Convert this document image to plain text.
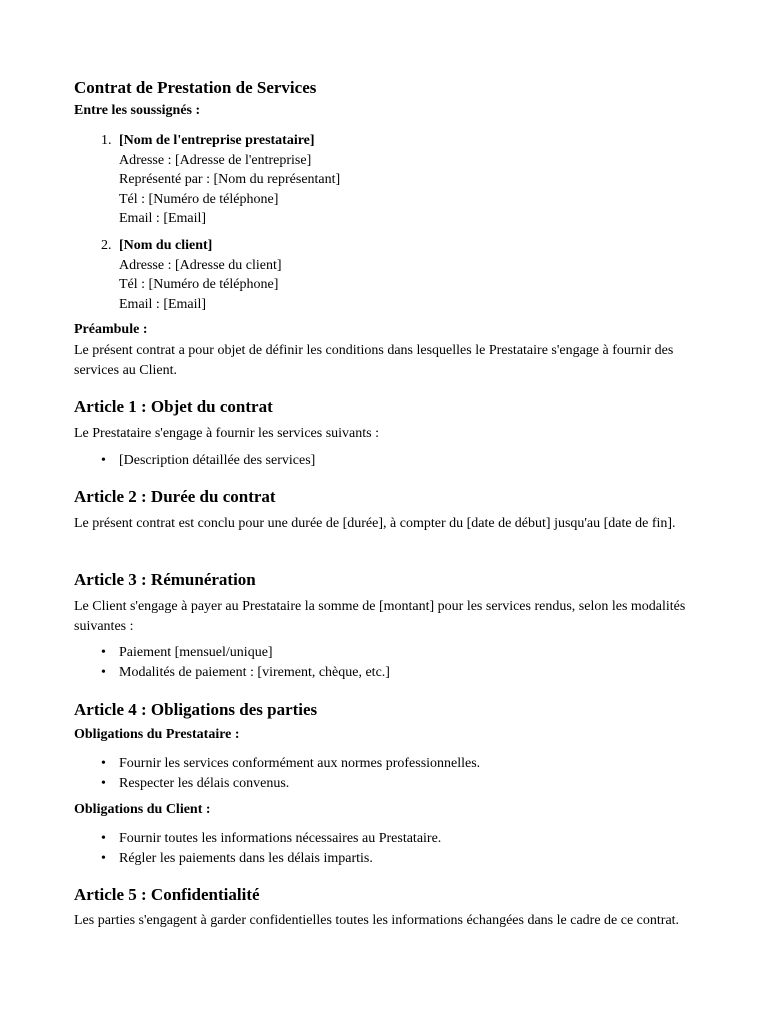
Contrat de Prestation de Services
Entre les soussignés :
1. [Nom de l'entreprise prestataire]
Adresse : [Adresse de l'entreprise]
Représenté par : [Nom du représentant]
Tél : [Numéro de téléphone]
Email : [Email]
2. [Nom du client]
Adresse : [Adresse du client]
Tél : [Numéro de téléphone]
Email : [Email]
Préambule :
Le présent contrat a pour objet de définir les conditions dans lesquelles le Prestataire s'engage à fournir des services au Client.
Article 1 : Objet du contrat
Le Prestataire s'engage à fournir les services suivants :
• [Description détaillée des services]
Article 2 : Durée du contrat
Le présent contrat est conclu pour une durée de [durée], à compter du [date de début] jusqu'au [date de fin].
Article 3 : Rémunération
Le Client s'engage à payer au Prestataire la somme de [montant] pour les services rendus, selon les modalités suivantes :
• Paiement [mensuel/unique]
• Modalités de paiement : [virement, chèque, etc.]
Article 4 : Obligations des parties
Obligations du Prestataire :
• Fournir les services conformément aux normes professionnelles.
• Respecter les délais convenus.
Obligations du Client :
• Fournir toutes les informations nécessaires au Prestataire.
• Régler les paiements dans les délais impartis.
Article 5 : Confidentialité
Les parties s'engagent à garder confidentielles toutes les informations échangées dans le cadre de ce contrat.
